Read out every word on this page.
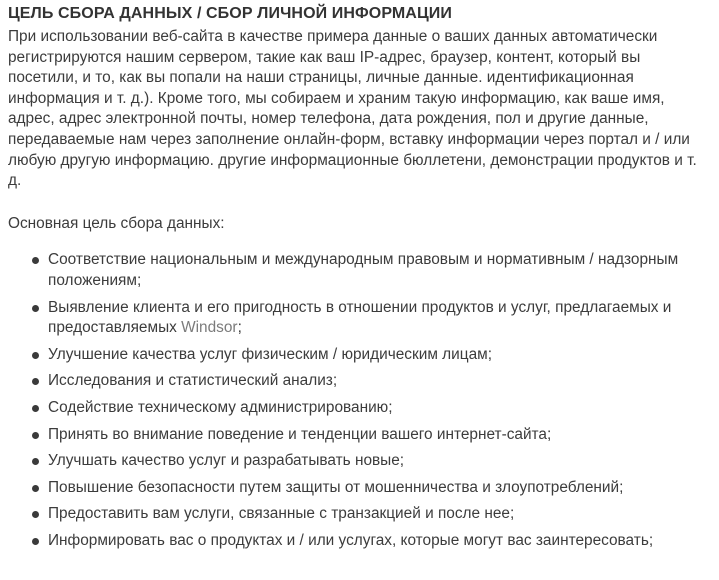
ЦЕЛЬ СБОРА ДАННЫХ / СБОР ЛИЧНОЙ ИНФОРМАЦИИ

При использовании веб-сайта в качестве примера данные о ваших данных автоматически регистрируются нашим сервером, такие как ваш IP-адрес, браузер, контент, который вы посетили, и то, как вы попали на наши страницы, личные данные. идентификационная информация и т. д.). Кроме того, мы собираем и храним такую информацию, как ваше имя, адрес, адрес электронной почты, номер телефона, дата рождения, пол и другие данные, передаваемые нам через заполнение онлайн-форм, вставку информации через портал и / или любую другую информацию. другие информационные бюллетени, демонстрации продуктов и т. д.

Основная цель сбора данных:

Соответствие национальным и международным правовым и нормативным / надзорным положениям;
Выявление клиента и его пригодность в отношении продуктов и услуг, предлагаемых и предоставляемых Windsor;
Улучшение качества услуг физическим / юридическим лицам;
Исследования и статистический анализ;
Содействие техническому администрированию;
Принять во внимание поведение и тенденции вашего интернет-сайта;
Улучшать качество услуг и разрабатывать новые;
Повышение безопасности путем защиты от мошенничества и злоупотреблений;
Предоставить вам услуги, связанные с транзакцией и после нее;
Информировать вас о продуктах и / или услугах, которые могут вас заинтересовать;
